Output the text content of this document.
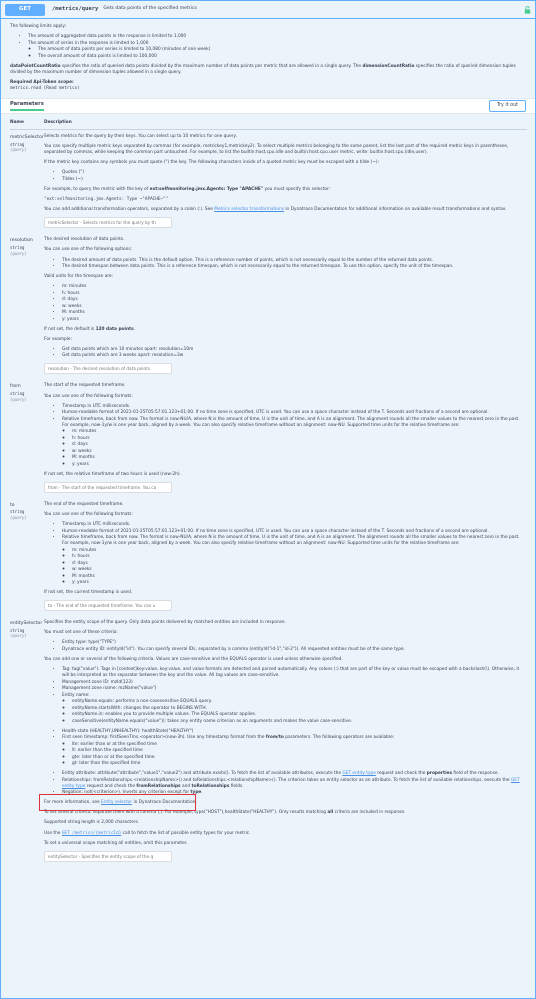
GET	/metrics/query Gets data points of the specified metrics

The following limits apply:

• The amount of aggregated data points in the response is limited to 1,000
• The amount of series in the response is limited to 1,000
◦ The amount of data points per series is limited to 10,080 (minutes of one week)
◦ The overall amount of data points is limited to 100,000

dataPointCountRatio specifies the ratio of queried data points divided by the maximum number of data points per metric that are allowed in a single query. The dimensionCountRatio specifies the ratio of queried dimension tuples divided by the maximum number of dimension tuples allowed in a single query.

Required Api-Token scope:

metrics.read (Read metrics)

Parameters	Try it out
Name	Description
metricSelector
string
(query)

Selects metrics for the query by their keys. You can select up to 10 metrics for one query.

You can specify multiple metric keys separated by commas (for example, metrickey1,metrickey2). To select multiple metrics belonging to the same parent, list the last part of the required metric keys in parentheses, separated by commas, while keeping the common part untouched. For example, to list the builtin:host.cpu.idle and builtin:host.cpu.user metric, write: builtin:host.cpu.(idle,user).

If the metric key contains any symbols you must quote (") the key. The following characters inside of a quoted metric key must be escaped with a tilde (~):

• Quotes (")
• Tildes (~)

For example, to query the metric with the key of ext:selfmonitoring.jmx.Agents: Type "APACHE" you must specify this selector:

"ext:selfmonitoring.jmx.Agents: Type ~"APACHE~""

You can add additional transformation operators, separated by a colon (:). See Metrics selector transformations in Dynatrace Documentation for additional information on available result transformations and syntax.

metricSelector - Selects metrics for the query by th
resolution
string
(query)

The desired resolution of data points.

You can use one of the following options:

• The desired amount of data points. This is the default option. This is a reference number of points, which is not necessarily equal to the number of the returned data points.
• The desired timespan between data points. This is a reference timespan, which is not necessarily equal to the returned timespan. To use this option, specify the unit of the timespan.

Valid units for the timespan are:

• m: minutes
• h: hours
• d: days
• w: weeks
• M: months
• y: years

If not set, the default is 120 data points.

For example:

• Get data points which are 10 minutes apart: resolution=10m
• Get data points which are 3 weeks apart: resolution=3w
resolution - The desired resolution of data points.
from
string
(query)

The start of the requested timeframe.

You can use one of the following formats:

• Timestamp in UTC milliseconds.
• Human-readable format of 2021-01-25T05:57:01.123+01:00. If no time zone is specified, UTC is used. You can use a space character instead of the T. Seconds and fractions of a second are optional.
• Relative timeframe, back from now. The format is now-NU/A, where N is the amount of time, U is the unit of time, and A is an alignment. The alignment rounds all the smaller values to the nearest zero in the past. For example, now-1y/w is one year back, aligned by a week. You can also specify relative timeframe without an alignment: now-NU. Supported time units for the relative timeframe are:
◦ m: minutes
◦ h: hours
◦ d: days
◦ w: weeks
◦ M: months
◦ y: years

If not set, the relative timeframe of two hours is used (now-2h).

from - The start of the requested timeframe. You ca
to
string
(query)

The end of the requested timeframe.

You can use one of the following formats:

• Timestamp in UTC milliseconds.
• Human-readable format of 2021-01-25T05:57:01.123+01:00. If no time zone is specified, UTC is used. You can use a space character instead of the T. Seconds and fractions of a second are optional.
• Relative timeframe, back from now. The format is now-NU/A, where N is the amount of time, U is the unit of time, and A is an alignment. The alignment rounds all the smaller values to the nearest zero in the past. For example, now-1y/w is one year back, aligned by a week. You can also specify relative timeframe without an alignment: now-NU. Supported time units for the relative timeframe are:
◦ m: minutes
◦ h: hours
◦ d: days
◦ w: weeks
◦ M: months
◦ y: years

If not set, the current timestamp is used.

to - The end of the requested timeframe. You can u
entitySelector
string
(query)

Specifies the entity scope of the query. Only data points delivered by matched entities are included in response.

You must set one of these criteria:

• Entity type: type("TYPE")
• Dynatrace entity ID: entityId("id"). You can specify several IDs, separated by a comma (entityId("id-1","id-2")). All requested entities must be of the same type.

You can add one or several of the following criteria. Values are case-sensitive and the EQUALS operator is used unless otherwise specified.

• Tag: tag("value"). Tags in [context]key:value, key:value, and value formats are detected and parsed automatically. Any colons (:) that are part of the key or value must be escaped with a backslash(\). Otherwise, it will be interpreted as the separator between the key and the value. All tag values are case-sensitive.
• Management zone ID: mzId(123)
• Management zone name: mzName("value")
• Entity name:
◦ entityName.equals: performs a non-casesensitive EQUALS query.
◦ entityName.startsWith: changes the operator to BEGINS WITH.
◦ entityName.in: enables you to provide multiple values. The EQUALS operator applies.
◦ caseSensitive(entityName.equals("value")): takes any entity name criterion as an arguments and makes the value case-sensitive.
• Health state (HEALTHY,UNHEALTHY): healthState("HEALTHY")
• First seen timestamp: firstSeenTms.<operator>(now-3h). Use any timestamp format from the from/to parameters. The following operators are available:
◦ lte: earlier than or at the specified time
◦ lt: earlier than the specified time
◦ gte: later than or at the specified time
◦ gt: later than the specified time
• Entity attribute: attribute("attribute","value1","value2") and attribute.exists(). To fetch the list of available attributes, execute the GET entity type request and check the properties field of the response.
• Relationships: fromRelationships.<relationshipName>() and toRelationships.<relationshipName>(). The criterion takes an entity selector as an attribute. To fetch the list of available relationships, execute the GET entity type request and check the fromRelationships and toRelationships fields.
• Negation: not(<criterion>). Inverts any criterion except for type.

For more information, see Entity selector in Dynatrace Documentation.

To set several criteria, separate them with a comma (,). For example, type("HOST"),healthState("HEALTHY"). Only results matching all criteria are included in response.

Supported string length is 2,000 characters.

Use the GET /metrics/{metricId} call to fetch the list of possible entity types for your metric.

To set a universal scope matching all entities, omit this parameter.

entitySelector - Specifies the entity scope of the q
